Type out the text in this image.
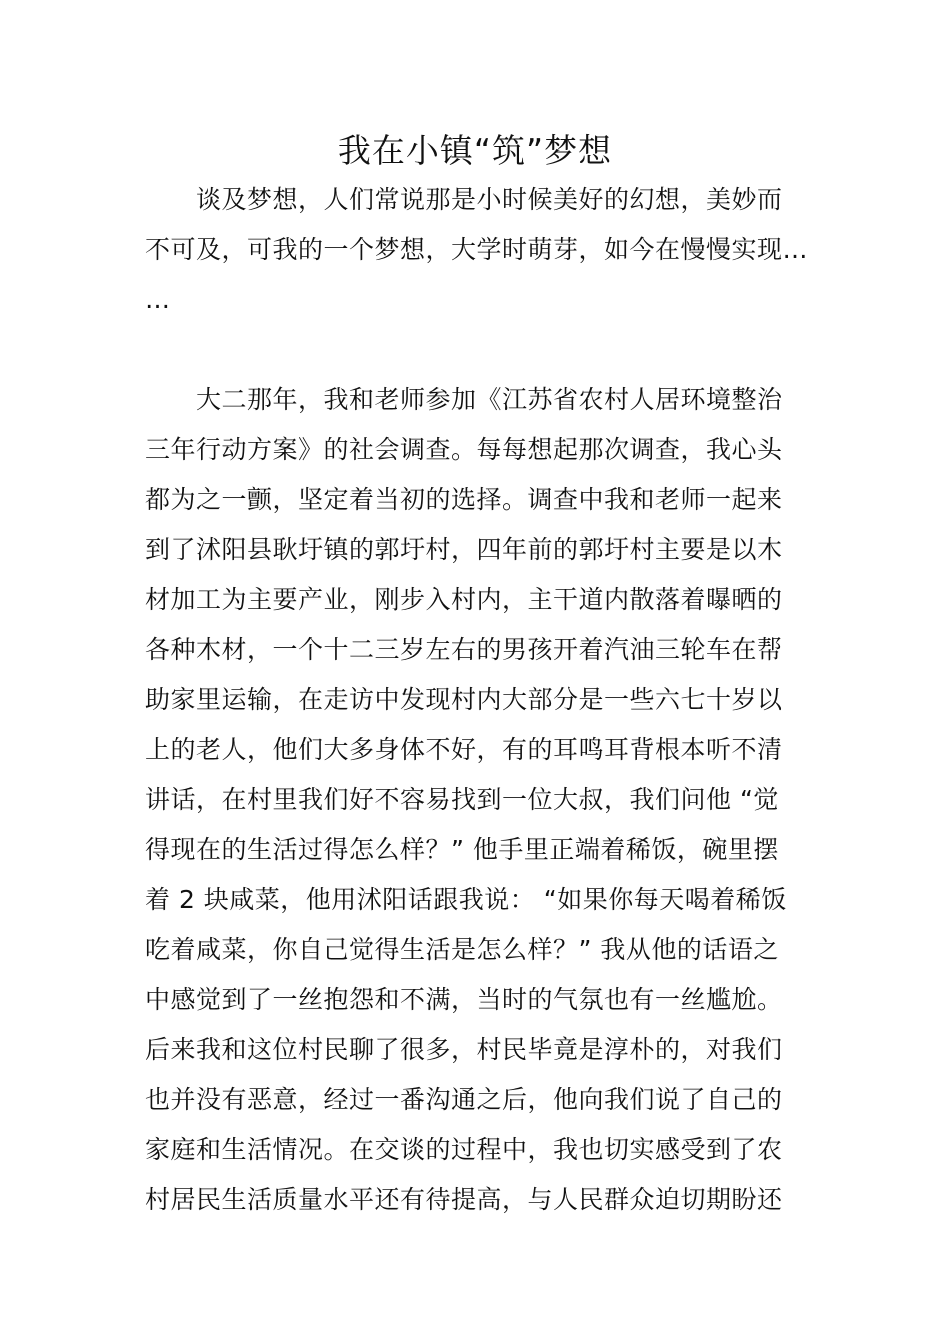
我在小镇“筑”梦想
谈及梦想，人们常说那是小时候美好的幻想，美妙而
不可及，可我的一个梦想，大学时萌芽，如今在慢慢实现…
…
大二那年，我和老师参加《江苏省农村人居环境整治
三年行动方案》的社会调查。每每想起那次调查，我心头
都为之一颤，坚定着当初的选择。调查中我和老师一起来
到了沭阳县耿圩镇的郭圩村，四年前的郭圩村主要是以木
材加工为主要产业，刚步入村内，主干道内散落着曝晒的
各种木材，一个十二三岁左右的男孩开着汽油三轮车在帮
助家里运输，在走访中发现村内大部分是一些六七十岁以
上的老人，他们大多身体不好，有的耳鸣耳背根本听不清
讲话，在村里我们好不容易找到一位大叔，我们问他 “觉
得现在的生活过得怎么样？” 他手里正端着稀饭，碗里摆
着 2 块咸菜，他用沭阳话跟我说： “如果你每天喝着稀饭
吃着咸菜，你自己觉得生活是怎么样？” 我从他的话语之
中感觉到了一丝抱怨和不满，当时的气氛也有一丝尴尬。
后来我和这位村民聊了很多，村民毕竟是淳朴的，对我们
也并没有恶意，经过一番沟通之后，他向我们说了自己的
家庭和生活情况。在交谈的过程中，我也切实感受到了农
村居民生活质量水平还有待提高，与人民群众迫切期盼还
